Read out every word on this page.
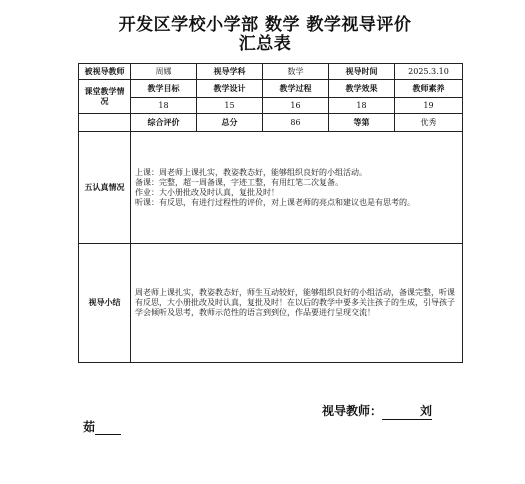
开发区学校小学部 数学 教学视导评价
汇总表
被视导教师	周娜	视导学科	数学	视导时间	2025.3.10
课堂教学情况	教学目标	教学设计	教学过程	教学效果	教师素养
	18	15	16	18	19
	综合评价	总分	86	等第	优秀
五认真情况	上课：周老师上课扎实，教姿教态好，能够组织良好的小组活动。
备课：完整，超一周备课，字迹工整，有用红笔二次复备。
作业：大小册批改及时认真，复批及时！
听课：有反思，有进行过程性的评价，对上课老师的亮点和建议也是有思考的。				
视导小结	周老师上课扎实，教姿教态好，师生互动较好，能够组织良好的小组活动，备课完整，听课有反思，大小册批改及时认真，复批及时！在以后的教学中要多关注孩子的生成，引导孩子学会倾听及思考，教师示范性的语言到到位，作品要进行呈现交流！				
视导教师：	刘
茹
